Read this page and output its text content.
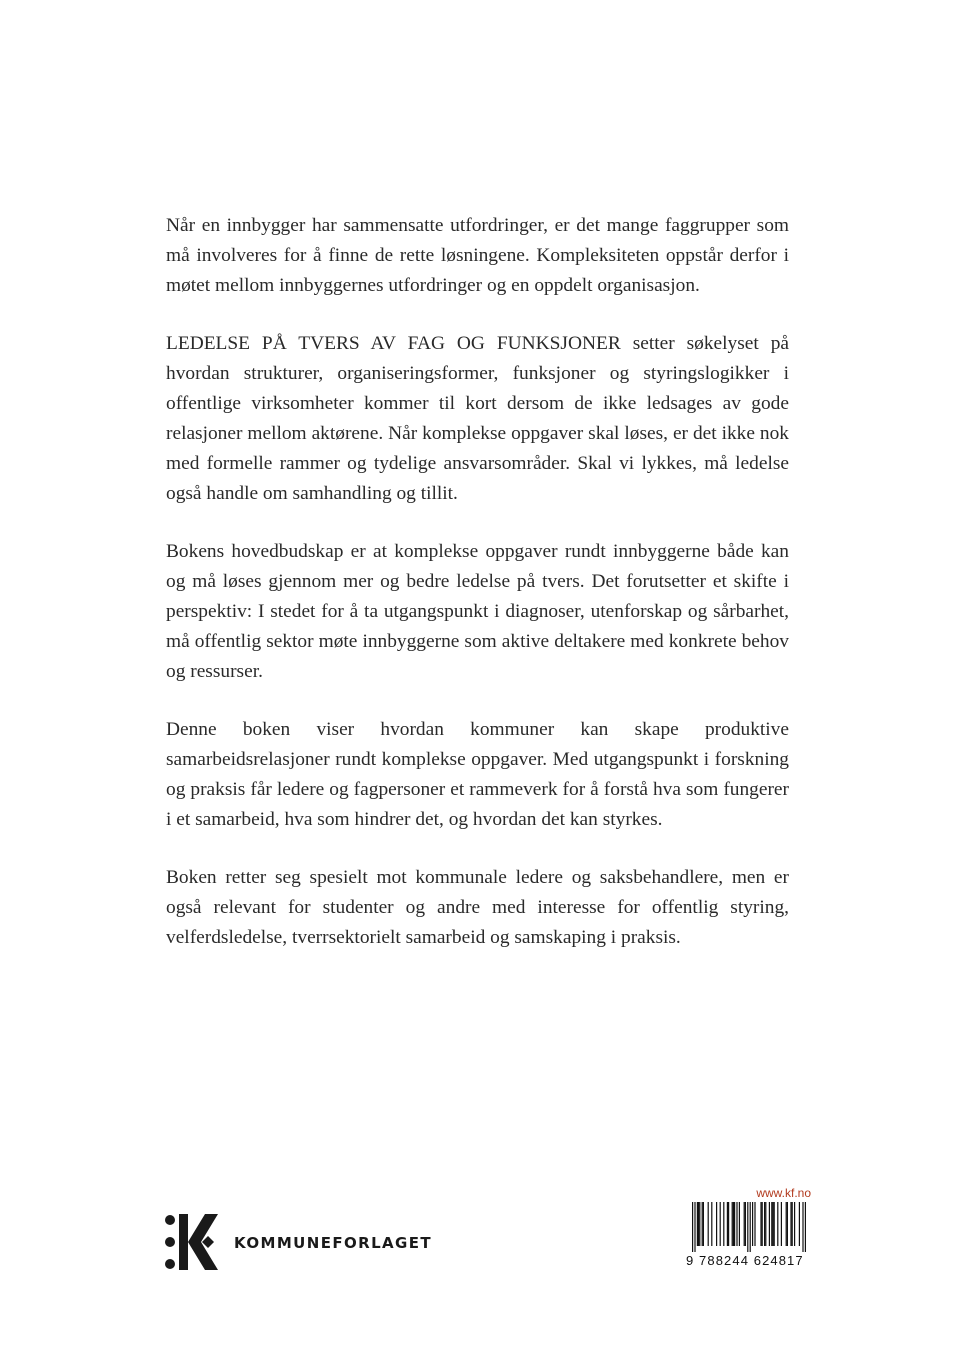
Når en innbygger har sammensatte utfordringer, er det mange faggrupper som må involveres for å finne de rette løsningene. Kompleksiteten oppstår derfor i møtet mellom innbyggernes utfordringer og en oppdelt organisasjon.

LEDELSE PÅ TVERS AV FAG OG FUNKSJONER setter søkelyset på hvordan strukturer, organiseringsformer, funksjoner og styringslogikker i offentlige virksomheter kommer til kort dersom de ikke ledsages av gode relasjoner mellom aktørene. Når komplekse oppgaver skal løses, er det ikke nok med formelle rammer og tydelige ansvarsområder. Skal vi lykkes, må ledelse også handle om samhandling og tillit.

Bokens hovedbudskap er at komplekse oppgaver rundt innbyggerne både kan og må løses gjennom mer og bedre ledelse på tvers. Det forutsetter et skifte i perspektiv: I stedet for å ta utgangspunkt i diagnoser, utenforskap og sårbarhet, må offentlig sektor møte innbyggerne som aktive deltakere med konkrete behov og ressurser.

Denne boken viser hvordan kommuner kan skape produktive samarbeidsrelasjoner rundt komplekse oppgaver. Med utgangspunkt i forskning og praksis får ledere og fagpersoner et rammeverk for å forstå hva som fungerer i et samarbeid, hva som hindrer det, og hvordan det kan styrkes.

Boken retter seg spesielt mot kommunale ledere og saksbehandlere, men er også relevant for studenter og andre med interesse for offentlig styring, velferdsledelse, tverrsektorielt samarbeid og samskaping i praksis.

KOMMUNEFORLAGET
www.kf.no
9 788244 624817
